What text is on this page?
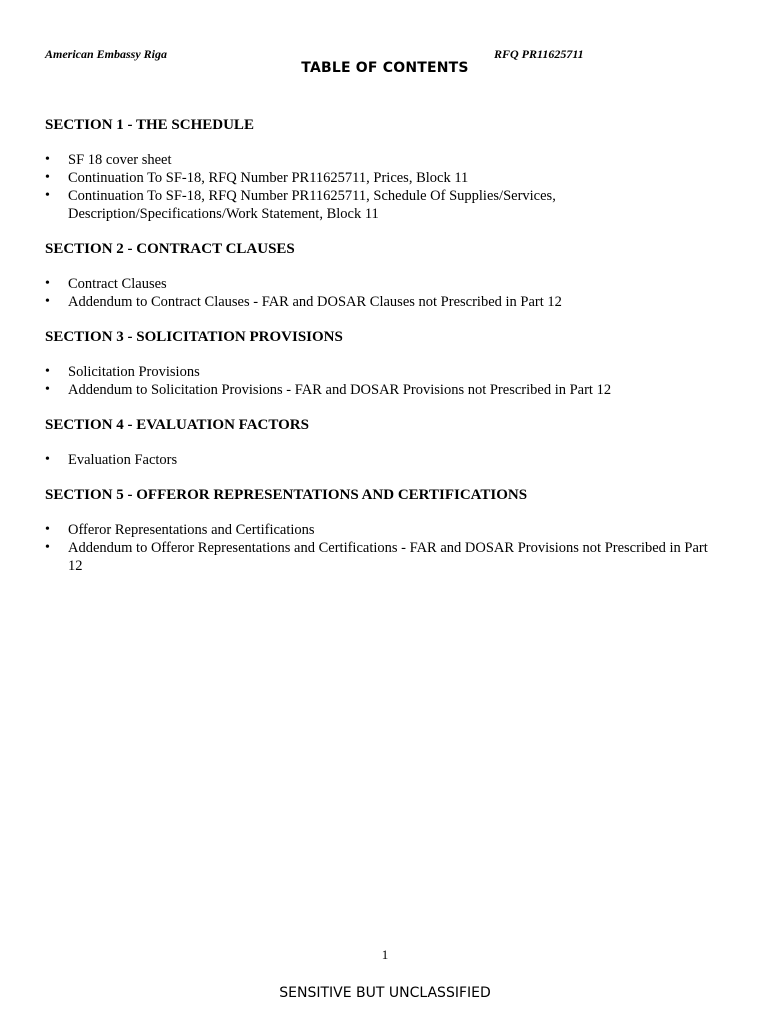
American Embassy Riga	RFQ PR11625711
TABLE OF CONTENTS
SECTION 1 - THE SCHEDULE
• SF 18 cover sheet
• Continuation To SF-18, RFQ Number PR11625711, Prices, Block 11
• Continuation To SF-18, RFQ Number PR11625711, Schedule Of Supplies/Services, Description/Specifications/Work Statement, Block 11
SECTION 2 - CONTRACT CLAUSES
• Contract Clauses
• Addendum to Contract Clauses - FAR and DOSAR Clauses not Prescribed in Part 12
SECTION 3 - SOLICITATION PROVISIONS
• Solicitation Provisions
• Addendum to Solicitation Provisions - FAR and DOSAR Provisions not Prescribed in Part 12
SECTION 4 - EVALUATION FACTORS
• Evaluation Factors
SECTION 5 - OFFEROR REPRESENTATIONS AND CERTIFICATIONS
• Offeror Representations and Certifications
• Addendum to Offeror Representations and Certifications - FAR and DOSAR Provisions not Prescribed in Part 12
1
SENSITIVE BUT UNCLASSIFIED
